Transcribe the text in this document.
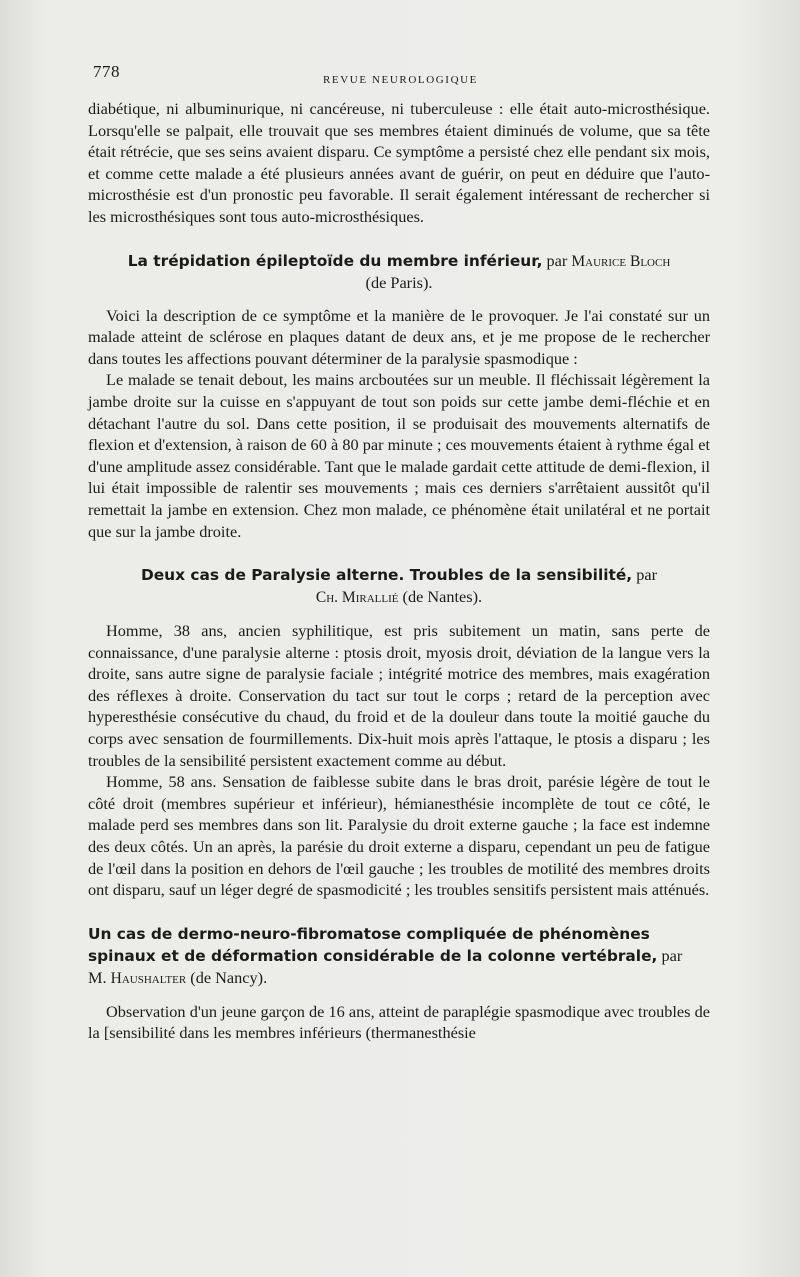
778	REVUE NEUROLOGIQUE

diabétique, ni albuminurique, ni cancéreuse, ni tuberculeuse : elle était auto-microsthésique. Lorsqu'elle se palpait, elle trouvait que ses membres étaient diminués de volume, que sa tête était rétrécie, que ses seins avaient disparu. Ce symptôme a persisté chez elle pendant six mois, et comme cette malade a été plusieurs années avant de guérir, on peut en déduire que l'auto-microsthésie est d'un pronostic peu favorable. Il serait également intéressant de rechercher si les microsthésiques sont tous auto-microsthésiques.

La trépidation épileptoïde du membre inférieur, par Maurice Bloch
(de Paris).

Voici la description de ce symptôme et la manière de le provoquer. Je l'ai constaté sur un malade atteint de sclérose en plaques datant de deux ans, et je me propose de le rechercher dans toutes les affections pouvant déterminer de la paralysie spasmodique :

Le malade se tenait debout, les mains arcboutées sur un meuble. Il fléchissait légèrement la jambe droite sur la cuisse en s'appuyant de tout son poids sur cette jambe demi-fléchie et en détachant l'autre du sol. Dans cette position, il se produisait des mouvements alternatifs de flexion et d'extension, à raison de 60 à 80 par minute ; ces mouvements étaient à rythme égal et d'une amplitude assez considérable. Tant que le malade gardait cette attitude de demi-flexion, il lui était impossible de ralentir ses mouvements ; mais ces derniers s'arrêtaient aussitôt qu'il remettait la jambe en extension. Chez mon malade, ce phénomène était unilatéral et ne portait que sur la jambe droite.

Deux cas de Paralysie alterne. Troubles de la sensibilité, par
Ch. Mirallié (de Nantes).

Homme, 38 ans, ancien syphilitique, est pris subitement un matin, sans perte de connaissance, d'une paralysie alterne : ptosis droit, myosis droit, déviation de la langue vers la droite, sans autre signe de paralysie faciale ; intégrité motrice des membres, mais exagération des réflexes à droite. Conservation du tact sur tout le corps ; retard de la perception avec hyperesthésie consécutive du chaud, du froid et de la douleur dans toute la moitié gauche du corps avec sensation de fourmillements. Dix-huit mois après l'attaque, le ptosis a disparu ; les troubles de la sensibilité persistent exactement comme au début.

Homme, 58 ans. Sensation de faiblesse subite dans le bras droit, parésie légère de tout le côté droit (membres supérieur et inférieur), hémianesthésie incomplète de tout ce côté, le malade perd ses membres dans son lit. Paralysie du droit externe gauche ; la face est indemne des deux côtés. Un an après, la parésie du droit externe a disparu, cependant un peu de fatigue de l'œil dans la position en dehors de l'œil gauche ; les troubles de motilité des membres droits ont disparu, sauf un léger degré de spasmodicité ; les troubles sensitifs persistent mais atténués.

Un cas de dermo-neuro-fibromatose compliquée de phénomènes spinaux et de déformation considérable de la colonne vertébrale, par M. Haushalter (de Nancy).

Observation d'un jeune garçon de 16 ans, atteint de paraplégie spasmodique avec troubles de la [sensibilité dans les membres inférieurs (thermanesthésie
